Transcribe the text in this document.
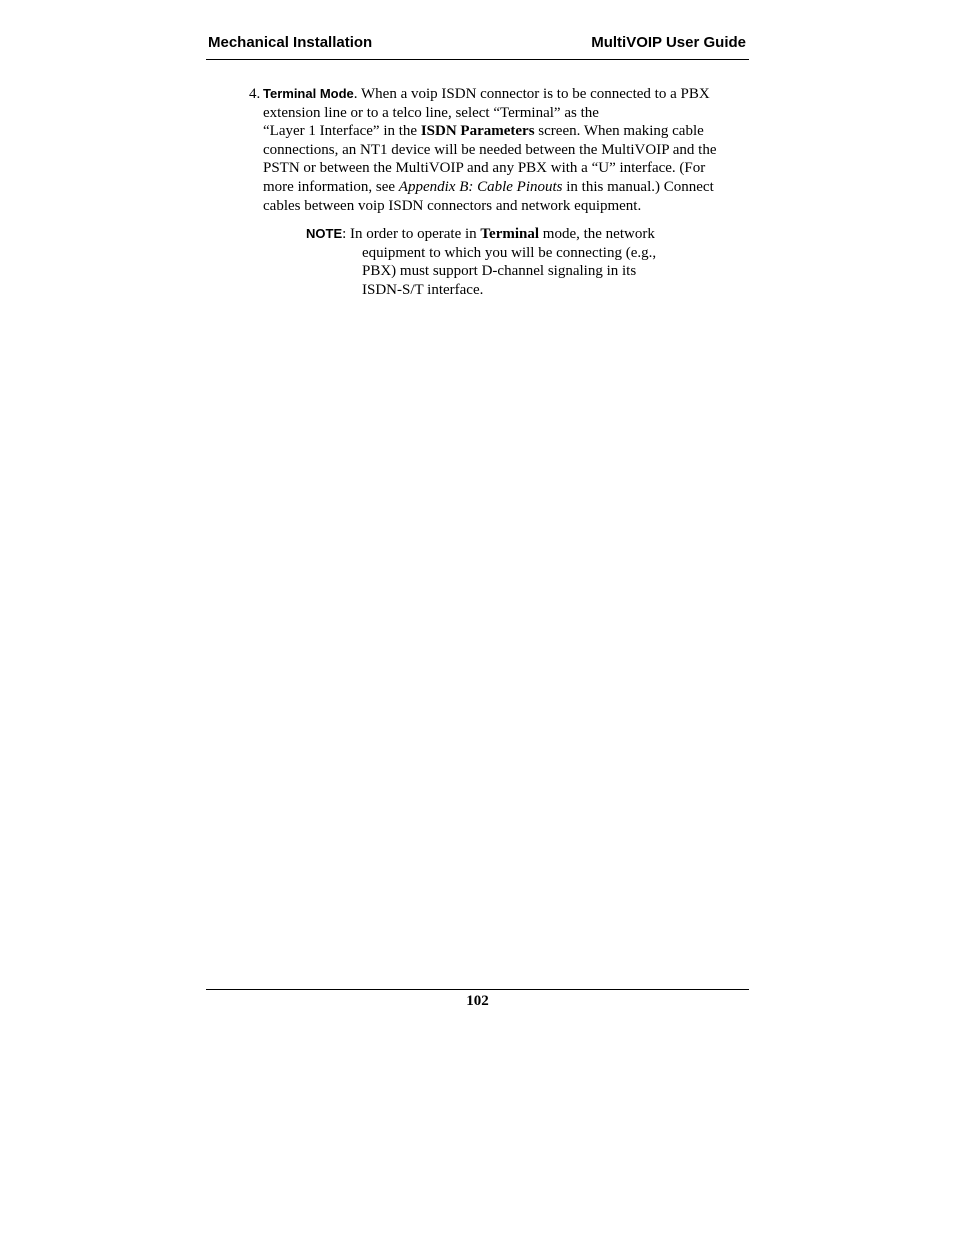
Mechanical Installation	MultiVOIP User Guide
4. Terminal Mode. When a voip ISDN connector is to be connected to a PBX
extension line or to a telco line, select “Terminal” as the
“Layer 1 Interface” in the ISDN Parameters screen. When making cable
connections, an NT1 device will be needed between the MultiVOIP and the
PSTN or between the MultiVOIP and any PBX with a “U” interface. (For
more information, see Appendix B: Cable Pinouts in this manual.) Connect
cables between voip ISDN connectors and network equipment.
NOTE: In order to operate in Terminal mode, the network
equipment to which you will be connecting (e.g.,
PBX) must support D-channel signaling in its
ISDN-S/T interface.
102
